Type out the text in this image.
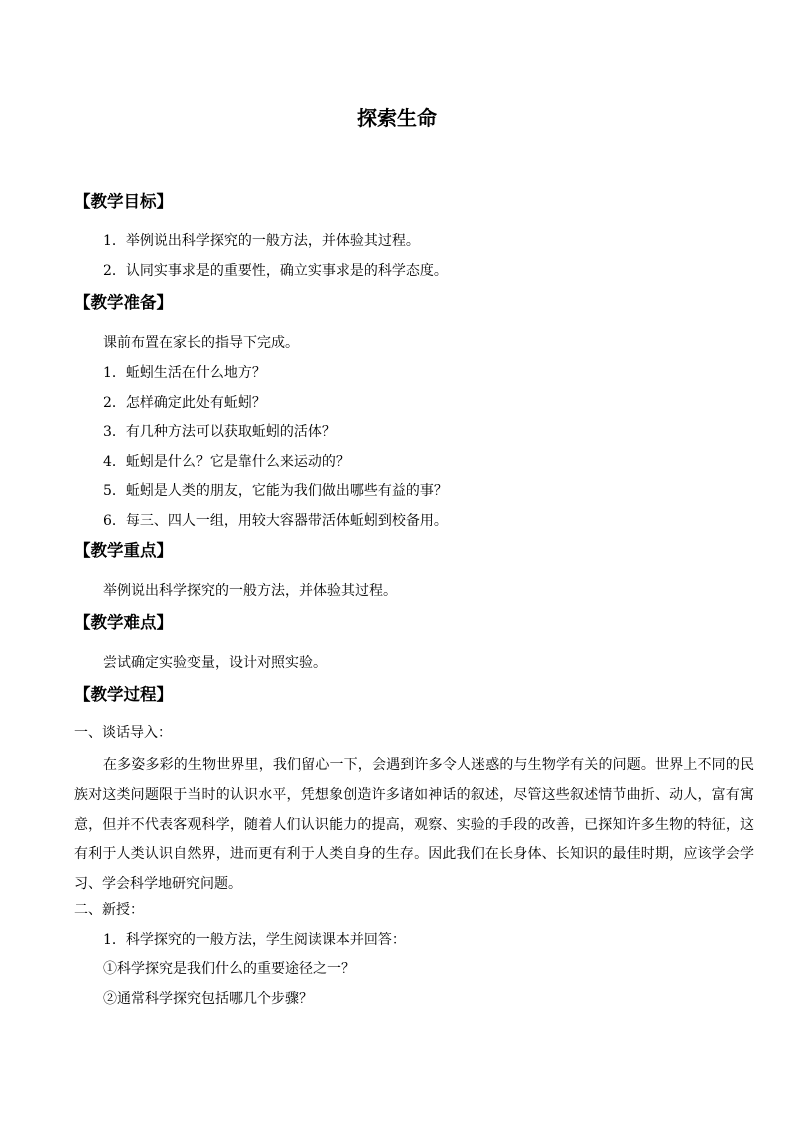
探索生命
【教学目标】
1．举例说出科学探究的一般方法，并体验其过程。
2．认同实事求是的重要性，确立实事求是的科学态度。
【教学准备】
课前布置在家长的指导下完成。
1．蚯蚓生活在什么地方？
2．怎样确定此处有蚯蚓？
3．有几种方法可以获取蚯蚓的活体？
4．蚯蚓是什么？它是靠什么来运动的？
5．蚯蚓是人类的朋友，它能为我们做出哪些有益的事？
6．每三、四人一组，用较大容器带活体蚯蚓到校备用。
【教学重点】
举例说出科学探究的一般方法，并体验其过程。
【教学难点】
尝试确定实验变量，设计对照实验。
【教学过程】
一、谈话导入：
在多姿多彩的生物世界里，我们留心一下，会遇到许多令人迷惑的与生物学有关的问题。世界上不同的民族对这类问题限于当时的认识水平，凭想象创造许多诸如神话的叙述，尽管这些叙述情节曲折、动人，富有寓意，但并不代表客观科学，随着人们认识能力的提高，观察、实验的手段的改善，已探知许多生物的特征，这有利于人类认识自然界，进而更有利于人类自身的生存。因此我们在长身体、长知识的最佳时期，应该学会学习、学会科学地研究问题。
二、新授：
1．科学探究的一般方法，学生阅读课本并回答：
①科学探究是我们什么的重要途径之一？
②通常科学探究包括哪几个步骤？
